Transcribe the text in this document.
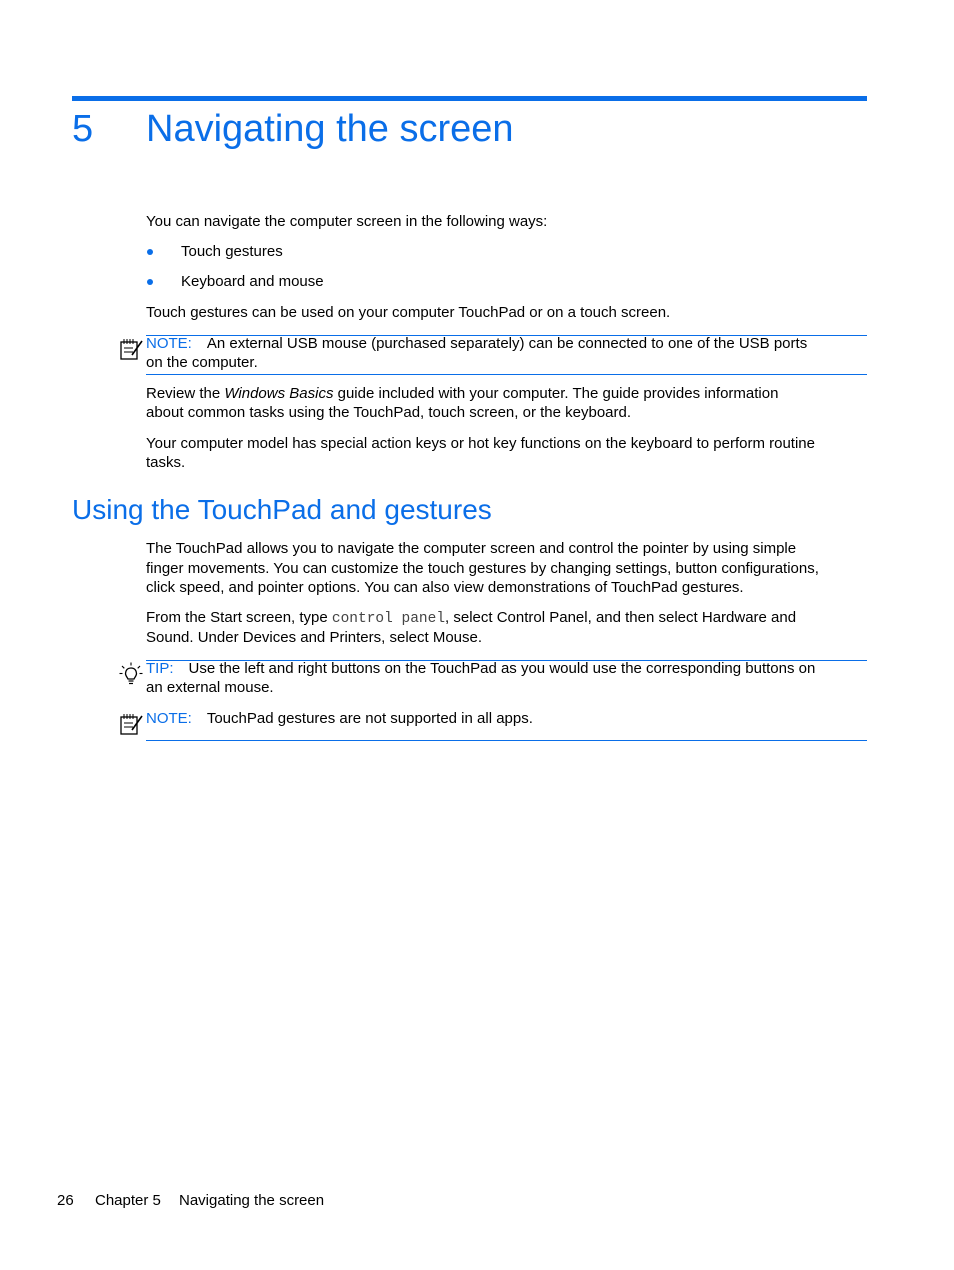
5 Navigating the screen
You can navigate the computer screen in the following ways:
Touch gestures
Keyboard and mouse
Touch gestures can be used on your computer TouchPad or on a touch screen.
NOTE: An external USB mouse (purchased separately) can be connected to one of the USB ports
on the computer.
Review the Windows Basics guide included with your computer. The guide provides information
about common tasks using the TouchPad, touch screen, or the keyboard.
Your computer model has special action keys or hot key functions on the keyboard to perform routine
tasks.
Using the TouchPad and gestures
The TouchPad allows you to navigate the computer screen and control the pointer by using simple
finger movements. You can customize the touch gestures by changing settings, button configurations,
click speed, and pointer options. You can also view demonstrations of TouchPad gestures.
From the Start screen, type control panel, select Control Panel, and then select Hardware and
Sound. Under Devices and Printers, select Mouse.
TIP: Use the left and right buttons on the TouchPad as you would use the corresponding buttons on
an external mouse.
NOTE: TouchPad gestures are not supported in all apps.
26 Chapter 5 Navigating the screen
